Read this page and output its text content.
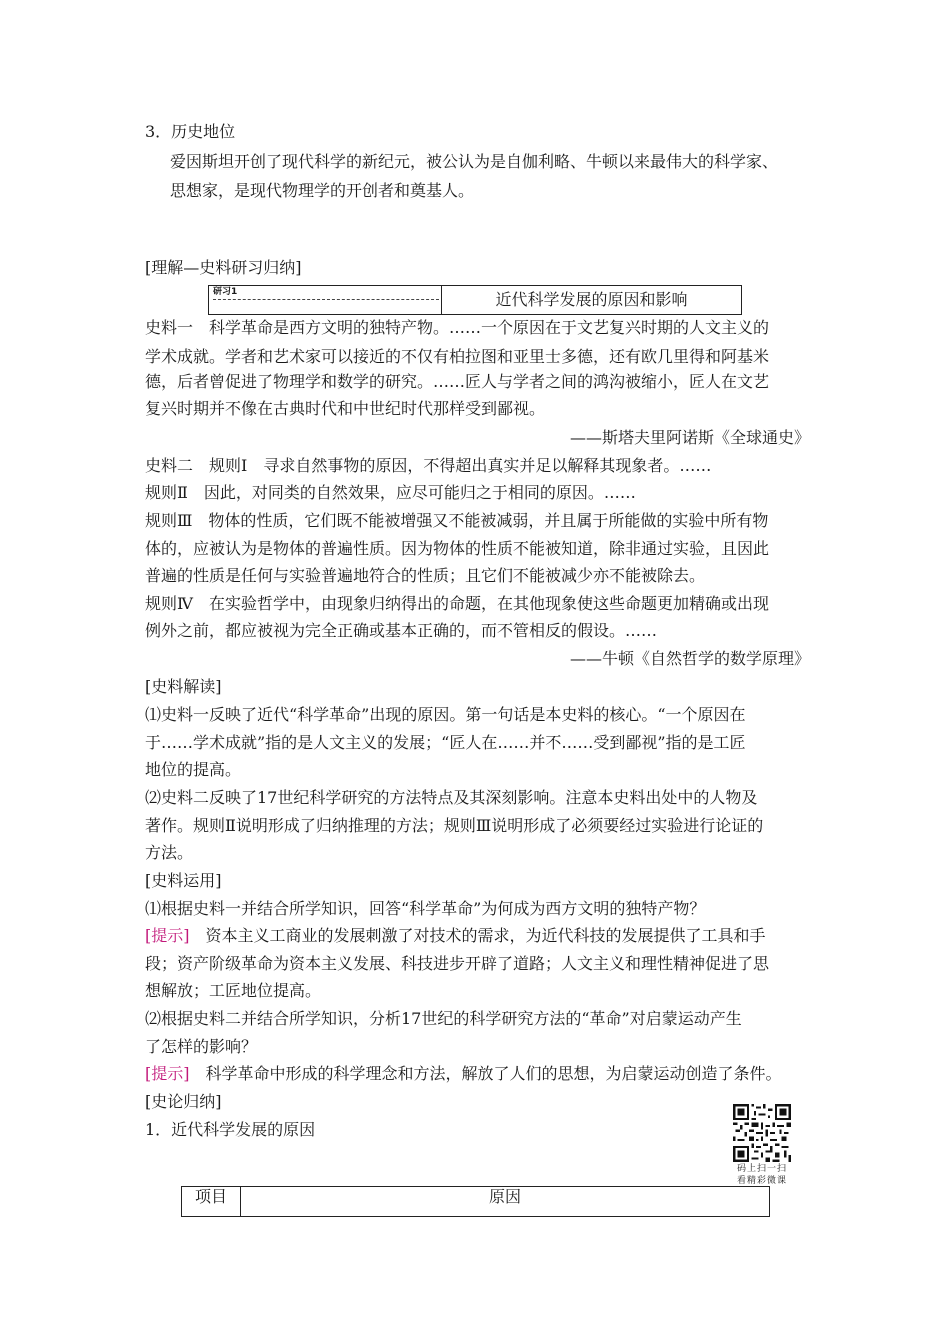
3．历史地位
爱因斯坦开创了现代科学的新纪元，被公认为是自伽利略、牛顿以来最伟大的科学家、
思想家，是现代物理学的开创者和奠基人。
[理解—史料研习归纳]
研习1	近代科学发展的原因和影响
史料一　科学革命是西方文明的独特产物。……一个原因在于文艺复兴时期的人文主义的
学术成就。学者和艺术家可以接近的不仅有柏拉图和亚里士多德，还有欧几里得和阿基米
德，后者曾促进了物理学和数学的研究。……匠人与学者之间的鸿沟被缩小，匠人在文艺
复兴时期并不像在古典时代和中世纪时代那样受到鄙视。
——斯塔夫里阿诺斯《全球通史》
史料二　规则Ⅰ　寻求自然事物的原因，不得超出真实并足以解释其现象者。……
规则Ⅱ　因此，对同类的自然效果，应尽可能归之于相同的原因。……
规则Ⅲ　物体的性质，它们既不能被增强又不能被减弱，并且属于所能做的实验中所有物
体的，应被认为是物体的普遍性质。因为物体的性质不能被知道，除非通过实验，且因此
普遍的性质是任何与实验普遍地符合的性质；且它们不能被减少亦不能被除去。
规则Ⅳ　在实验哲学中，由现象归纳得出的命题，在其他现象使这些命题更加精确或出现
例外之前，都应被视为完全正确或基本正确的，而不管相反的假设。……
——牛顿《自然哲学的数学原理》
[史料解读]
⑴史料一反映了近代“科学革命”出现的原因。第一句话是本史料的核心。“一个原因在
于……学术成就”指的是人文主义的发展；“匠人在……并不……受到鄙视”指的是工匠
地位的提高。
⑵史料二反映了17世纪科学研究的方法特点及其深刻影响。注意本史料出处中的人物及
著作。规则Ⅱ说明形成了归纳推理的方法；规则Ⅲ说明形成了必须要经过实验进行论证的
方法。
[史料运用]
⑴根据史料一并结合所学知识，回答“科学革命”为何成为西方文明的独特产物？
[提示]　资本主义工商业的发展刺激了对技术的需求，为近代科技的发展提供了工具和手
段；资产阶级革命为资本主义发展、科技进步开辟了道路；人文主义和理性精神促进了思
想解放；工匠地位提高。
⑵根据史料二并结合所学知识，分析17世纪的科学研究方法的“革命”对启蒙运动产生
了怎样的影响？
[提示]　科学革命中形成的科学理念和方法，解放了人们的思想，为启蒙运动创造了条件。
[史论归纳]
1．近代科学发展的原因
码上扫一扫
看精彩微课
项目	原因
